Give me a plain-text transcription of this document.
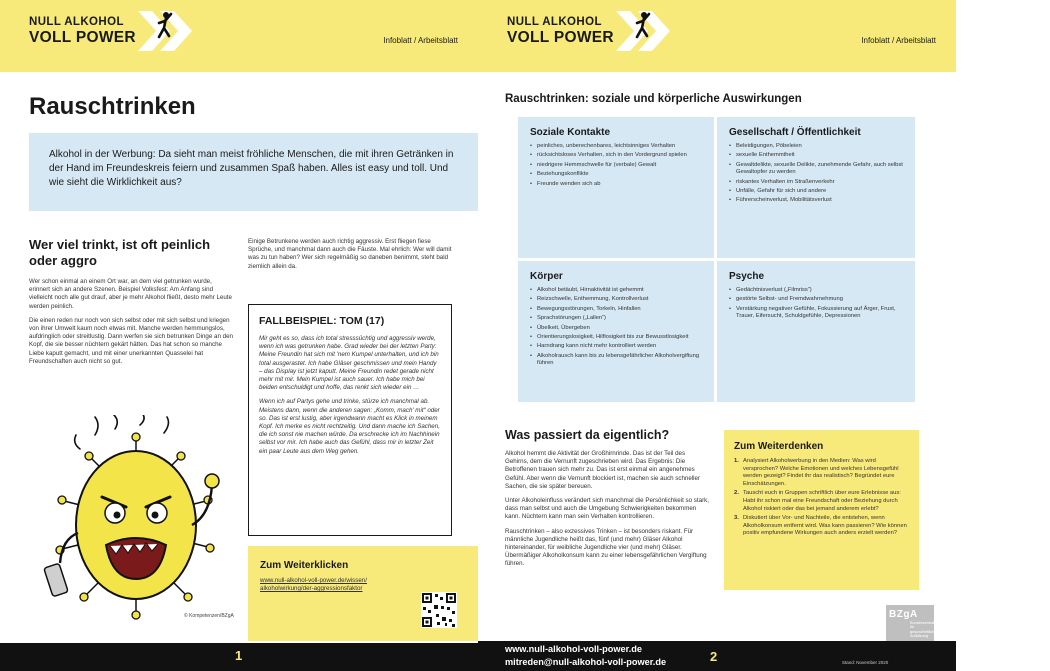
NULL ALKOHOL
VOLL POWER	Infoblatt / Arbeitsblatt
Rauschtrinken
Alkohol in der Werbung: Da sieht man meist fröhliche Menschen, die mit ihren Getränken in der Hand im Freundeskreis feiern und zusammen Spaß haben. Alles ist easy und toll. Und wie sieht die Wirklichkeit aus?
Wer viel trinkt, ist oft peinlich oder aggro

Wer schon einmal an einem Ort war, an dem viel getrunken wurde, erinnert sich an andere Szenen. Beispiel Volksfest: Am Anfang sind vielleicht noch alle gut drauf, aber je mehr Alkohol fließt, desto mehr Leute werden peinlich.

Die einen reden nur noch von sich selbst oder mit sich selbst und kriegen von ihrer Umwelt kaum noch etwas mit. Manche werden hemmungslos, aufdringlich oder streitlustig. Dann werfen sie sich betrunken Dinge an den Kopf, die sie besser nüchtern gekärt hätten. Das hat schon so manche Liebe kaputt gemacht, und mit einer unerkannten Quasselei hat Freundschaften auch nicht so gut.

Einige Betrunkene werden auch richtig aggressiv. Erst fliegen fiese Sprüche, und manchmal dann auch die Fäuste. Mal ehrlich: Wer will damit was zu tun haben? Wer sich regelmäßig so daneben benimmt, steht bald ziemlich allein da.

FALLBEISPIEL: TOM (17)

Mir geht es so, dass ich total stresssüchtig und aggressiv werde, wenn ich was getrunken habe. Grad wieder bei der letzten Party: Meine Freundin hat sich mit 'nem Kumpel unterhalten, und ich bin total ausgerastet. Ich habe Gläser geschmissen und mein Handy – das Display ist jetzt kaputt. Meine Freundin redet gerade nicht mehr mit mir. Mein Kumpel ist auch sauer. Ich habe mich bei beiden entschuldigt und hoffe, das renkt sich wieder ein …

Wenn ich auf Partys gehe und trinke, stürze ich manchmal ab. Meistens dann, wenn die anderen sagen: „Komm, mach' mit“ oder so. Das ist erst lustig, aber irgendwann macht es Klick in meinem Kopf. Ich merke es nicht rechtzeitig. Und dann mache ich Sachen, die ich sonst nie machen würde. Da erschrecke ich im Nachhinein selbst vor mir. Ich habe auch das Gefühl, dass mir in letzter Zeit ein paar Leute aus dem Weg gehen.

Zum Weiterklicken
www.null-alkohol-voll-power.de/wissen/
alkoholwirkung/der-aggressionsfaktor
© Kompetenzen/BZgA
1
NULL ALKOHOL
VOLL POWER	Infoblatt / Arbeitsblatt
Rauschtrinken: soziale und körperliche Auswirkungen
Soziale Kontakte
• peinliches, unberechenbares, leichtsinniges Verhalten
• rücksichtsloses Verhalten, sich in den Vordergrund spielen
• niedrigere Hemmschwelle für (verbale) Gewalt
• Beziehungskonflikte
• Freunde wenden sich ab
Gesellschaft / Öffentlichkeit
• Beleidigungen, Pöbeleien
• sexuelle Enthemmtheit
• Gewaltdelikte, sexuelle Delikte, zunehmende Gefahr, auch selbst Gewaltopfer zu werden
• riskantes Verhalten im Straßenverkehr
• Unfälle, Gefahr für sich und andere
• Führerscheinverlust, Mobilitätsverlust
Körper
• Alkohol betäubt, Hirnaktivität ist gehemmt
• Reizschwelle, Enthemmung, Kontrollverlust
• Bewegungsstörungen, Torkeln, Hinfallen
• Sprachstörungen („Lallen“)
• Übelkeit, Übergeben
• Orientierungslosigkeit, Hilflosigkeit bis zur Bewusstlosigkeit
• Harndrang kann nicht mehr kontrolliert werden
• Alkoholrausch kann bis zu lebensgefährlicher Alkoholvergiftung führen
Psyche
• Gedächtnisverlust („Filmriss“)
• gestörte Selbst- und Fremdwahrnehmung
• Verstärkung negativer Gefühle, Fokussierung auf Ärger, Frust, Trauer, Eifersucht, Schuldgefühle, Depressionen
Was passiert da eigentlich?

Alkohol hemmt die Aktivität der Großhirnrinde. Das ist der Teil des Gehirns, dem die Vernunft zugeschrieben wird. Das Ergebnis: Die Betroffenen trauen sich mehr zu. Das ist erst einmal ein angenehmes Gefühl. Aber wenn die Vernunft blockiert ist, machen sie auch schneller Sachen, die sie später bereuen.

Unter Alkoholeinfluss verändert sich manchmal die Persönlichkeit so stark, dass man selbst und auch die Umgebung Schwierigkeiten bekommen kann. Nüchtern kann man sein Verhalten kontrollieren.

Rauschtrinken – also exzessives Trinken – ist besonders riskant. Für männliche Jugendliche heißt das, fünf (und mehr) Gläser Alkohol hintereinander, für weibliche Jugendliche vier (und mehr) Gläser. Übermäßiger Alkoholkonsum kann zu einer lebensgefährlichen Vergiftung führen.

Zum Weiterdenken
1. Analysiert Alkoholwerbung in den Medien: Was wird versprochen? Welche Emotionen und welches Lebensgefühl werden gezeigt? Findet ihr das realistisch? Begründet eure Einschätzungen.
2. Tauscht euch in Gruppen schriftlich über eure Erlebnisse aus: Habt ihr schon mal eine Freundschaft oder Beziehung durch Alkohol riskiert oder das bei jemand anderem erlebt?
3. Diskutiert über Vor- und Nachteile, die entstehen, wenn Alkoholkonsum entfernt wird. Was kann passieren? Wie können positiv empfundene Wirkungen auch anders erzielt werden?
BZgA
Bundeszentrale für gesundheitliche Aufklärung
www.null-alkohol-voll-power.de
mitreden@null-alkohol-voll-power.de	2	Stand: November 2020
